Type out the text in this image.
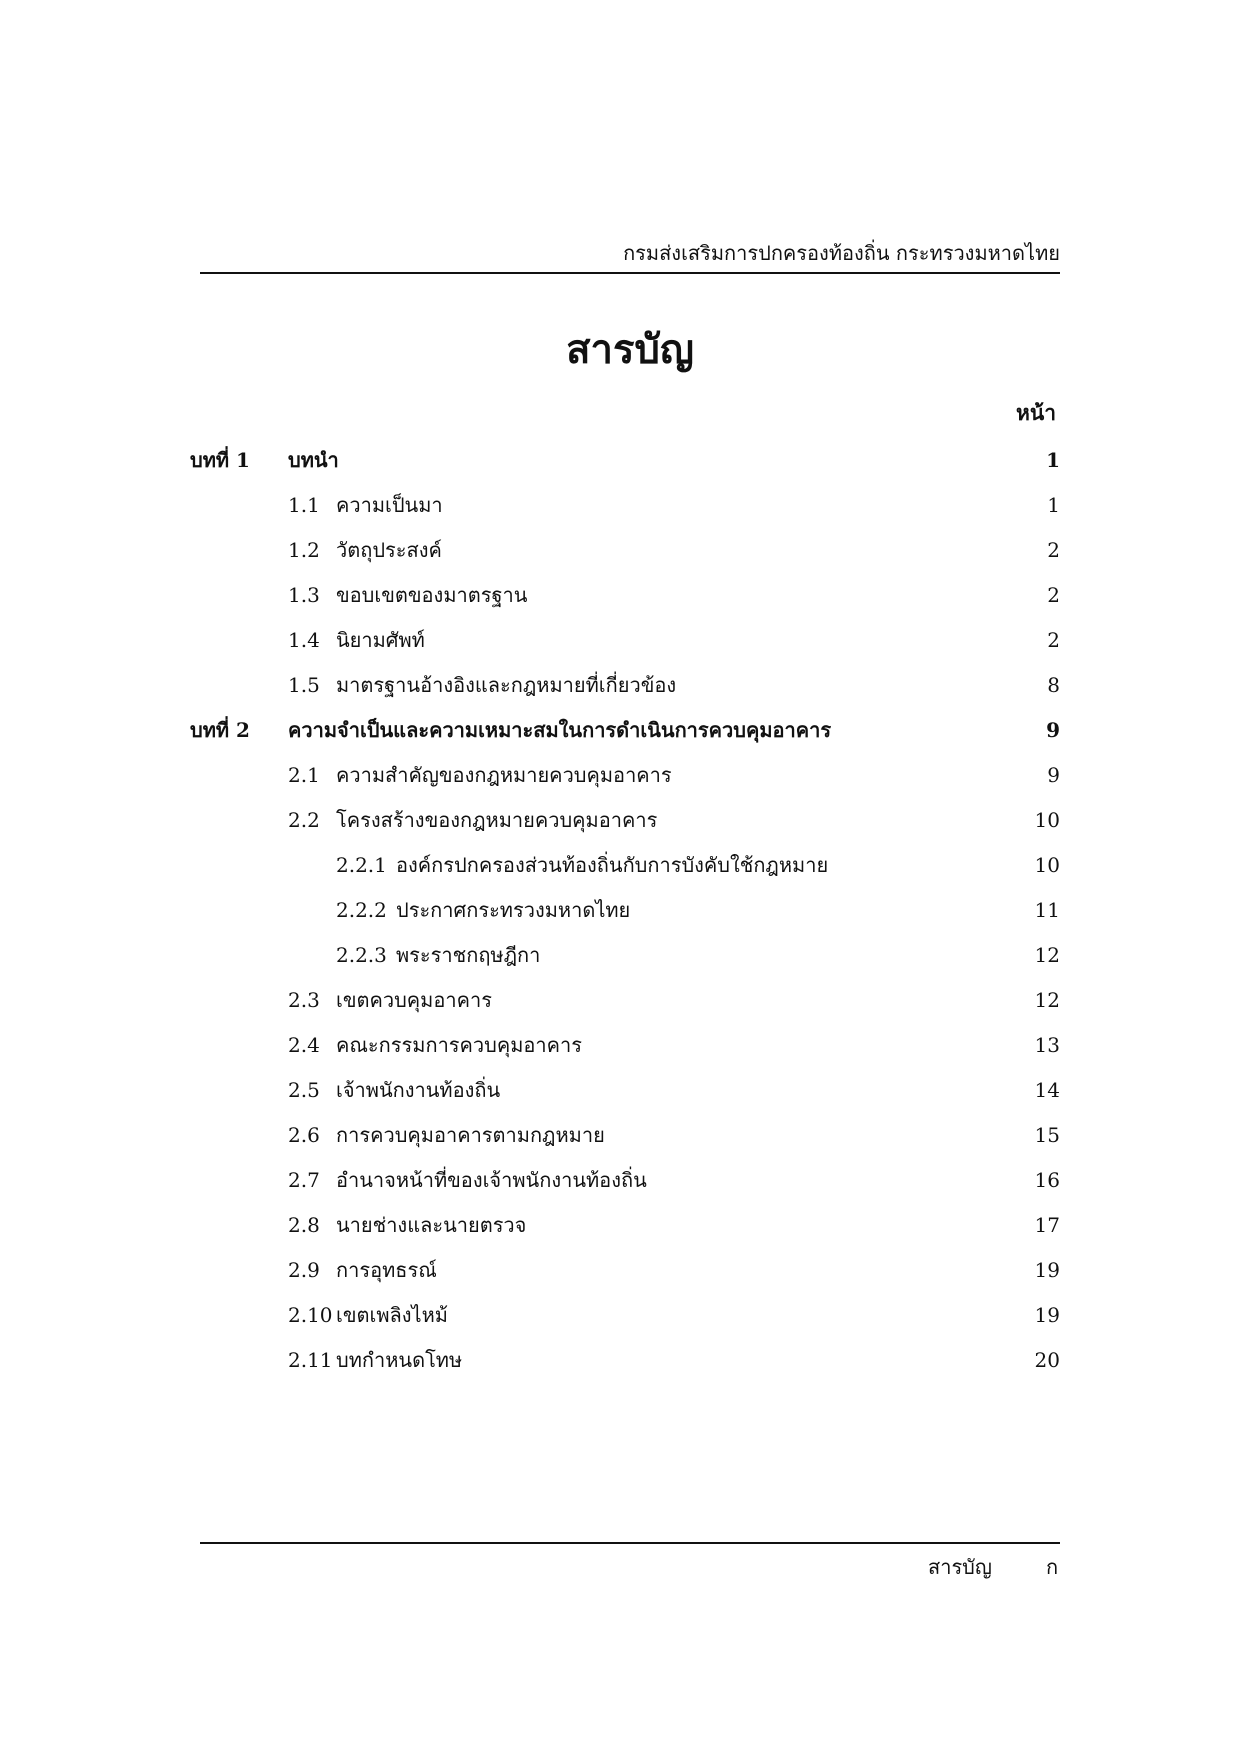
กรมส่งเสริมการปกครองท้องถิ่น กระทรวงมหาดไทย
สารบัญ
หน้า
บทที่ 1 บทนำ	1
1.1 ความเป็นมา	1
1.2 วัตถุประสงค์	2
1.3 ขอบเขตของมาตรฐาน	2
1.4 นิยามศัพท์	2
1.5 มาตรฐานอ้างอิงและกฎหมายที่เกี่ยวข้อง	8
บทที่ 2 ความจำเป็นและความเหมาะสมในการดำเนินการควบคุมอาคาร	9
2.1 ความสำคัญของกฎหมายควบคุมอาคาร	9
2.2 โครงสร้างของกฎหมายควบคุมอาคาร	10
2.2.1 องค์กรปกครองส่วนท้องถิ่นกับการบังคับใช้กฎหมาย	10
2.2.2 ประกาศกระทรวงมหาดไทย	11
2.2.3 พระราชกฤษฎีกา	12
2.3 เขตควบคุมอาคาร	12
2.4 คณะกรรมการควบคุมอาคาร	13
2.5 เจ้าพนักงานท้องถิ่น	14
2.6 การควบคุมอาคารตามกฎหมาย	15
2.7 อำนาจหน้าที่ของเจ้าพนักงานท้องถิ่น	16
2.8 นายช่างและนายตรวจ	17
2.9 การอุทธรณ์	19
2.10 เขตเพลิงไหม้	19
2.11 บทกำหนดโทษ	20
สารบัญ	ก
